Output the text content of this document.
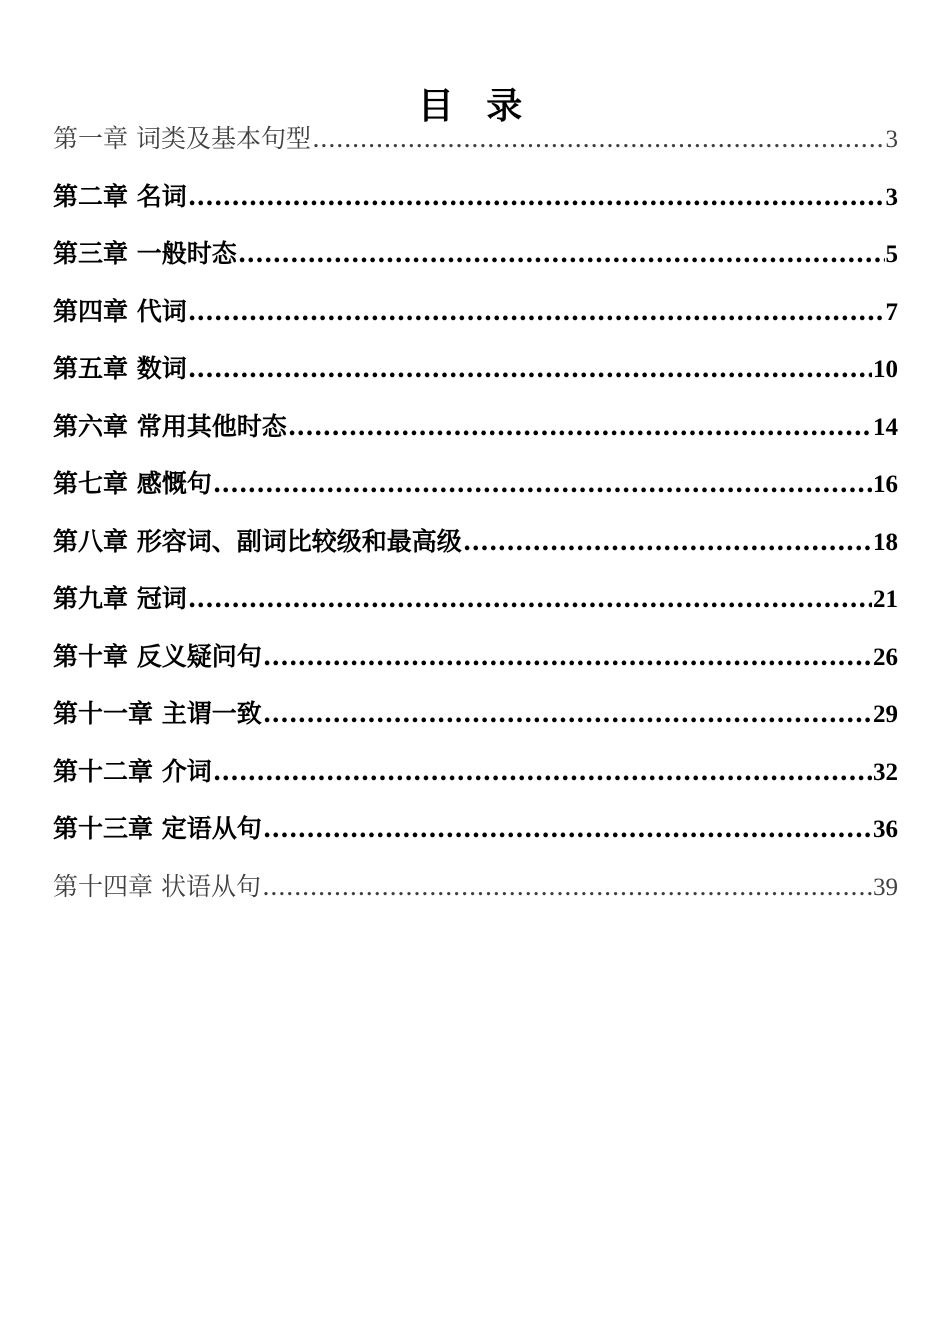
目 录
第一章 词类及基本句型 .....	3
第二章 名词 .....	3
第三章 一般时态 .....	5
第四章 代词 .....	7
第五章 数词 .....	10
第六章 常用其他时态 .....	14
第七章 感慨句 .....	16
第八章 形容词、副词比较级和最高级 .....	18
第九章 冠词 .....	21
第十章 反义疑问句 .....	26
第十一章 主谓一致 .....	29
第十二章 介词 .....	32
第十三章 定语从句 .....	36
第十四章 状语从句 .....	39
